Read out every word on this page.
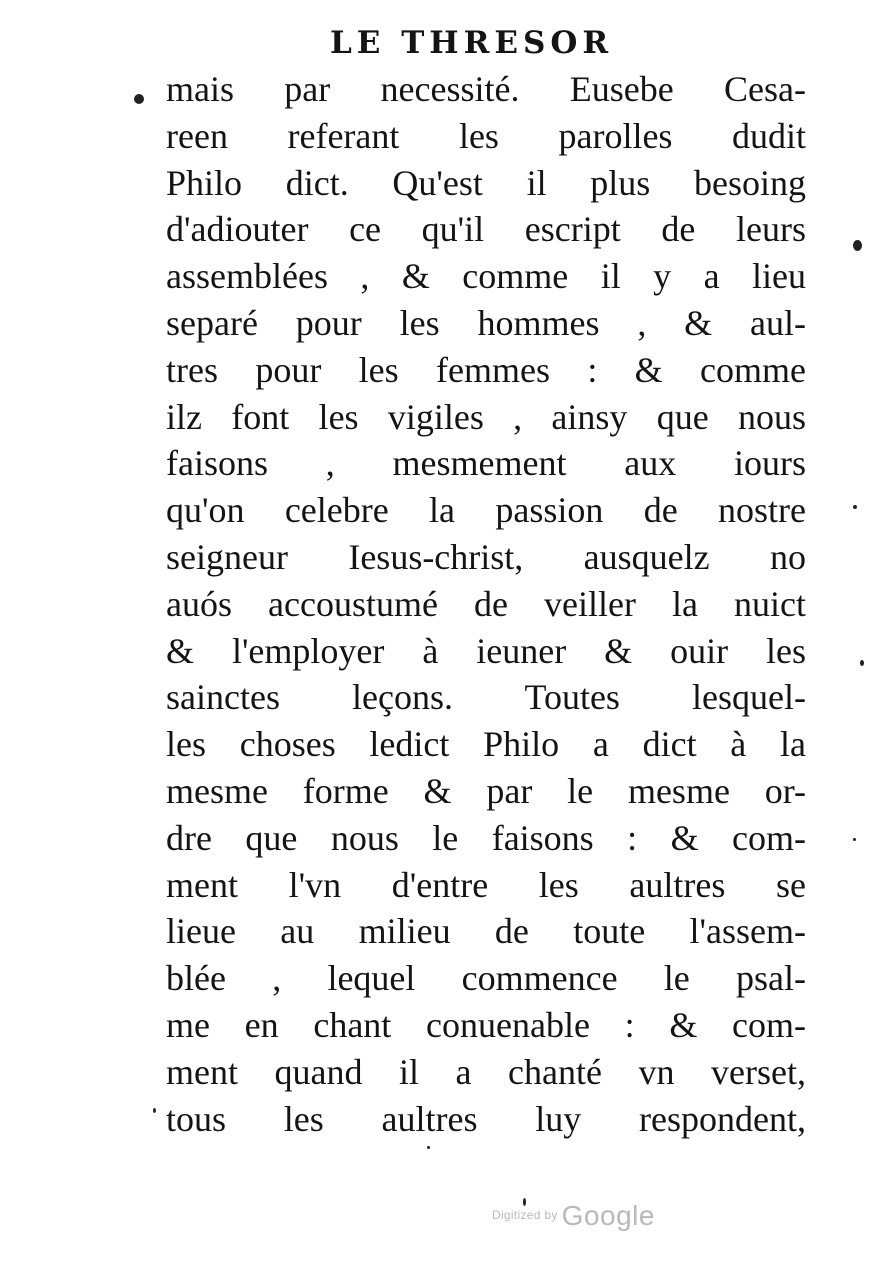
LE THRESOR
mais par necessité. Eusebe Cesa-
reen referant les parolles dudit
Philo dict. Qu'est il plus besoing
d'adiouter ce qu'il escript de leurs
assemblées , & comme il y a lieu
separé pour les hommes , & aul-
tres pour les femmes : & comme
ilz font les vigiles , ainsy que nous
faisons , mesmement aux iours
qu'on celebre la passion de nostre
seigneur Iesus-christ, ausquelz no
auós accoustumé de veiller la nuict
& l'employer à ieuner & ouir les
sainctes leçons. Toutes lesquel-
les choses ledict Philo a dict à la
mesme forme & par le mesme or-
dre que nous le faisons : & com-
ment l'vn d'entre les aultres se
lieue au milieu de toute l'assem-
blée , lequel commence le psal-
me en chant conuenable : & com-
ment quand il a chanté vn verset,
tous les aultres luy respondent,
$^{Digitized by}$ Google
